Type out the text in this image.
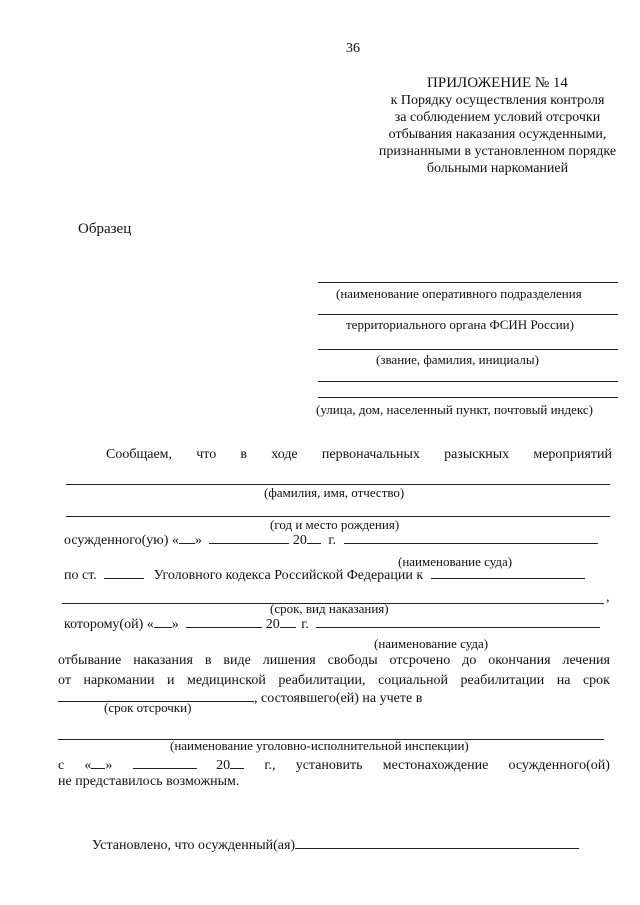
36
ПРИЛОЖЕНИЕ № 14
к Порядку осуществления контроля
за соблюдением условий отсрочки
отбывания наказания осужденными,
признанными в установленном порядке
больными наркоманией
Образец
(наименование оперативного подразделения
территориального органа ФСИН России)
(звание, фамилия, инициалы)
(улица, дом, населенный пункт, почтовый индекс)
Сообщаем, что в ходе первоначальных разыскных мероприятий
(фамилия, имя, отчество)
(год и место рождения)
осужденного(ую) « »	20 г.
(наименование суда)
по ст.	Уголовного кодекса Российской Федерации к
,
(срок, вид наказания)
которому(ой) « »	20 г.
(наименование суда)
отбывание наказания в виде лишения свободы отсрочено до окончания лечения
от наркомании и медицинской реабилитации, социальной реабилитации на срок
, состоявшего(ей) на учете в
(срок отсрочки)
(наименование уголовно-исполнительной инспекции)
с « »	20	г., установить местонахождение осужденного(ой)
не представилось возможным.
Установлено, что осужденный(ая)
